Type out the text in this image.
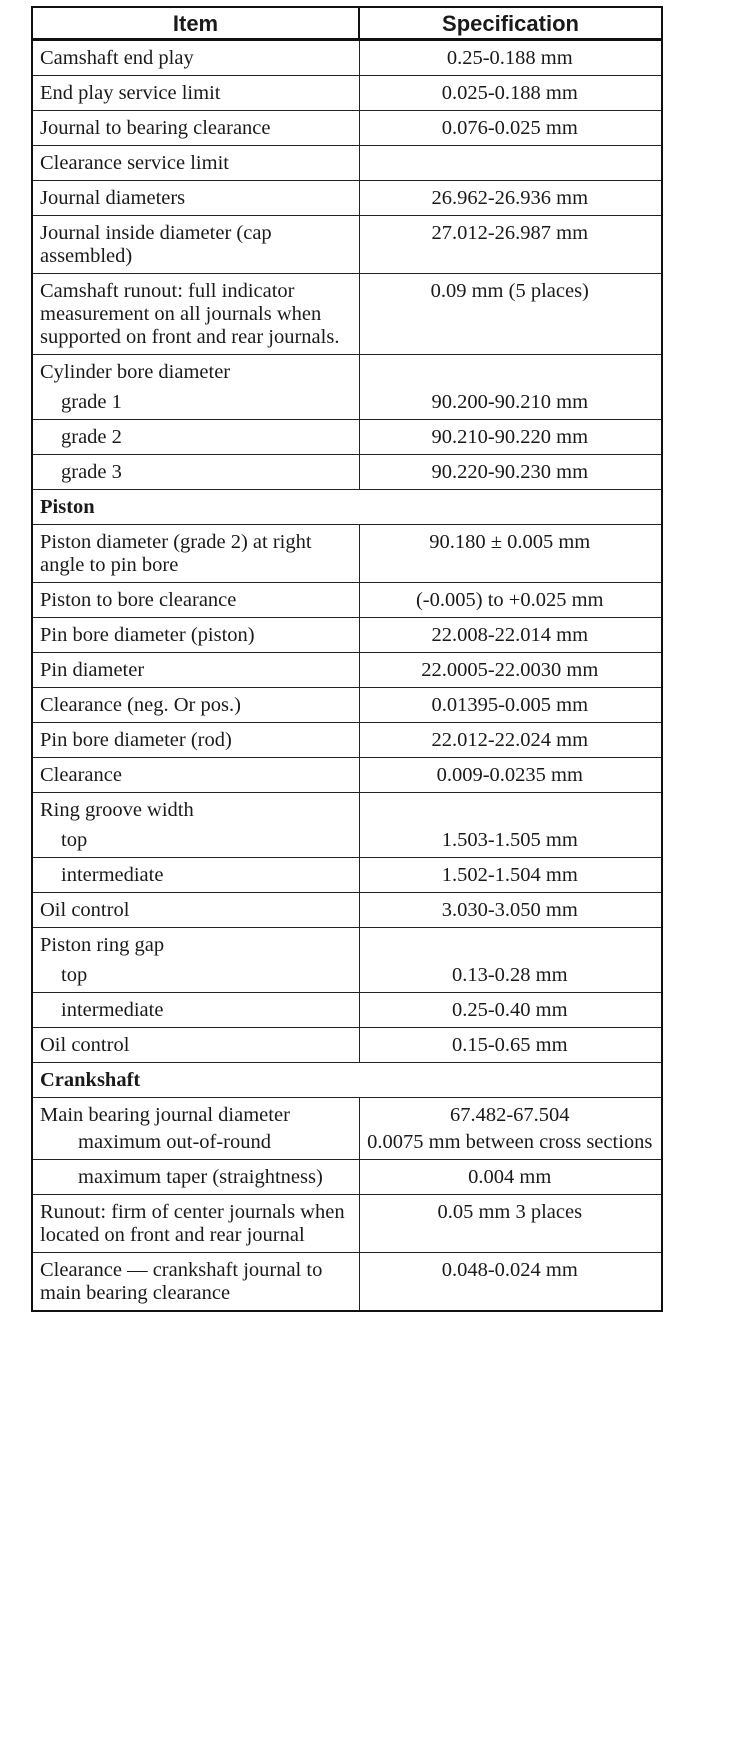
Item	Specification
Camshaft end play	0.25-0.188 mm
End play service limit	0.025-0.188 mm
Journal to bearing clearance	0.076-0.025 mm
Clearance service limit	
Journal diameters	26.962-26.936 mm
Journal inside diameter (cap assembled)	27.012-26.987 mm
Camshaft runout: full indicator measurement on all journals when supported on front and rear journals.	0.09 mm (5 places)
Cylinder bore diameter	
grade 1	90.200-90.210 mm
grade 2	90.210-90.220 mm
grade 3	90.220-90.230 mm
Piston	
Piston diameter (grade 2) at right angle to pin bore	90.180 ± 0.005 mm
Piston to bore clearance	(-0.005) to +0.025 mm
Pin bore diameter (piston)	22.008-22.014 mm
Pin diameter	22.0005-22.0030 mm
Clearance (neg. Or pos.)	0.01395-0.005 mm
Pin bore diameter (rod)	22.012-22.024 mm
Clearance	0.009-0.0235 mm
Ring groove width	
top	1.503-1.505 mm
intermediate	1.502-1.504 mm
Oil control	3.030-3.050 mm
Piston ring gap	
top	0.13-0.28 mm
intermediate	0.25-0.40 mm
Oil control	0.15-0.65 mm
Crankshaft	
Main bearing journal diameter	67.482-67.504
maximum out-of-round	0.0075 mm between cross sections
maximum taper (straightness)	0.004 mm
Runout: firm of center journals when located on front and rear journal	0.05 mm 3 places
Clearance — crankshaft journal to main bearing clearance	0.048-0.024 mm
